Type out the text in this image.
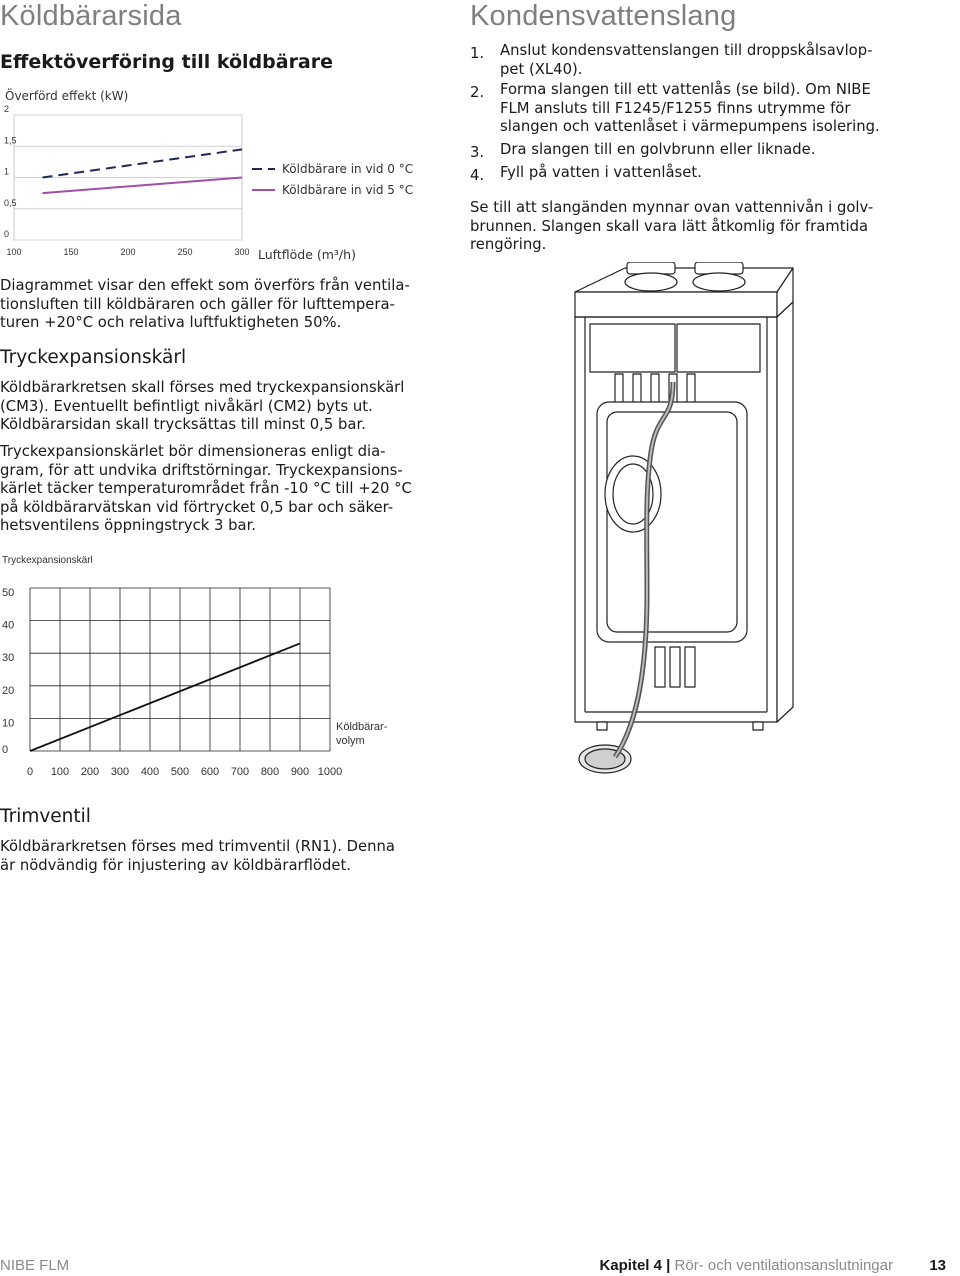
Köldbärarsida
Effektöverföring till köldbärare
Överförd effekt (kW)
0
0,5
1
1,5
2
100	150	200	250	300
Köldbärare in vid 0 °C
Köldbärare in vid 5 °C
Luftflöde (m³/h)
Diagrammet visar den effekt som överförs från ventila-
tionsluften till köldbäraren och gäller för lufttempera-
turen +20°C och relativa luftfuktigheten 50%.
Tryckexpansionskärl
Köldbärarkretsen skall förses med tryckexpansionskärl
(CM3). Eventuellt befintligt nivåkärl (CM2) byts ut.
Köldbärarsidan skall trycksättas till minst 0,5 bar.
Tryckexpansionskärlet bör dimensioneras enligt dia-
gram, för att undvika driftstörningar. Tryckexpansions-
kärlet täcker temperaturområdet från -10 °C till +20 °C
på köldbärarvätskan vid förtrycket 0,5 bar och säker-
hetsventilens öppningstryck 3 bar.
Tryckexpansionskärl
0
10
20
30
40
50
0 100 200 300 400 500 600 700 800 900 1000
Köldbärar-
volym
Trimventil
Köldbärarkretsen förses med trimventil (RN1). Denna
är nödvändig för injustering av köldbärarflödet.
Kondensvattenslang
1. Anslut kondensvattenslangen till droppskålsavlop-
pet (XL40).
2. Forma slangen till ett vattenlås (se bild). Om NIBE
FLM ansluts till F1245/F1255 finns utrymme för
slangen och vattenlåset i värmepumpens isolering.
3. Dra slangen till en golvbrunn eller liknade.
4. Fyll på vatten i vattenlåset.
Se till att slangänden mynnar ovan vattennivån i golv-
brunnen. Slangen skall vara lätt åtkomlig för framtida
rengöring.
NIBE FLM	Kapitel 4 | Rör- och ventilationsanslutningar 13
